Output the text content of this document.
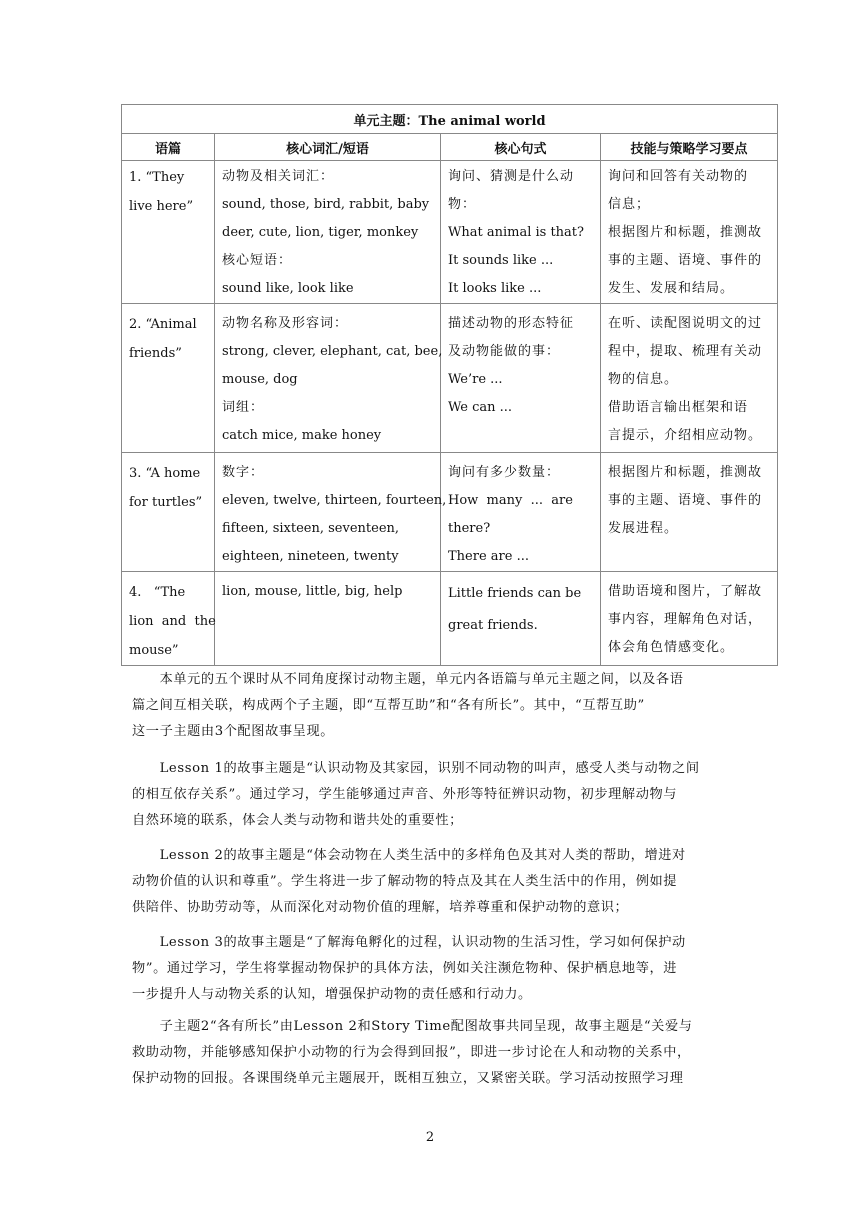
单元主题：The animal world			
语篇	核心词汇/短语	核心句式	技能与策略学习要点

1. “They
live here”	动物及相关词汇：
sound, those, bird, rabbit, baby
deer, cute, lion, tiger, monkey
核心短语：
sound like, look like	询问、猜测是什么动
物：
What animal is that?
It sounds like ...
It looks like ...	询问和回答有关动物的
信息；
根据图片和标题，推测故
事的主题、语境、事件的
发生、发展和结局。

2. “Animal
friends”	动物名称及形容词：
strong, clever, elephant, cat, bee,
mouse, dog
词组：
catch mice, make honey	描述动物的形态特征
及动物能做的事：
We’re ...
We can ...	在听、读配图说明文的过
程中，提取、梳理有关动
物的信息。
借助语言输出框架和语
言提示，介绍相应动物。

3. “A home
for turtles”	数字：
eleven, twelve, thirteen, fourteen,
fifteen, sixteen, seventeen,
eighteen, nineteen, twenty	询问有多少数量：
How  many  ...  are
there?
There are ...	根据图片和标题，推测故
事的主题、语境、事件的
发展进程。

4.   “The
lion  and  the
mouse”	lion, mouse, little, big, help	Little friends can be
great friends.	借助语境和图片，了解故
事内容，理解角色对话，
体会角色情感变化。
　　本单元的五个课时从不同角度探讨动物主题，单元内各语篇与单元主题之间，以及各语
篇之间互相关联，构成两个子主题，即“互帮互助”和“各有所长”。其中，“互帮互助”
这一子主题由3个配图故事呈现。
　　Lesson 1的故事主题是“认识动物及其家园，识别不同动物的叫声，感受人类与动物之间
的相互依存关系”。通过学习，学生能够通过声音、外形等特征辨识动物，初步理解动物与
自然环境的联系，体会人类与动物和谐共处的重要性；
　　Lesson 2的故事主题是“体会动物在人类生活中的多样角色及其对人类的帮助，增进对
动物价值的认识和尊重”。学生将进一步了解动物的特点及其在人类生活中的作用，例如提
供陪伴、协助劳动等，从而深化对动物价值的理解，培养尊重和保护动物的意识；
　　Lesson 3的故事主题是“了解海龟孵化的过程，认识动物的生活习性，学习如何保护动
物”。通过学习，学生将掌握动物保护的具体方法，例如关注濒危物种、保护栖息地等，进
一步提升人与动物关系的认知，增强保护动物的责任感和行动力。
　　子主题2“各有所长”由Lesson 2和Story Time配图故事共同呈现，故事主题是“关爱与
救助动物，并能够感知保护小动物的行为会得到回报”，即进一步讨论在人和动物的关系中，
保护动物的回报。各课围绕单元主题展开，既相互独立，又紧密关联。学习活动按照学习理
2
